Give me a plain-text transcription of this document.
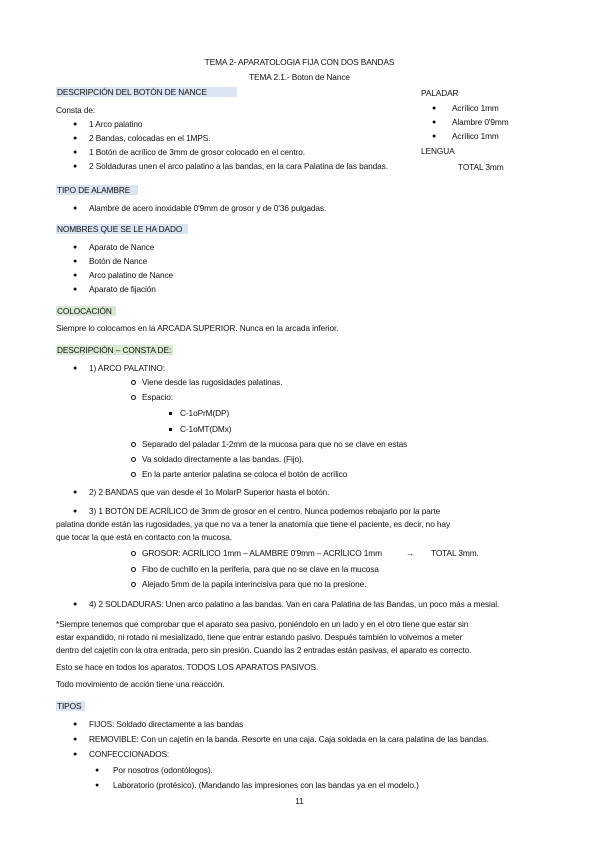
TEMA 2- APARATOLOGIA FIJA CON DOS BANDAS
TEMA 2.1.- Boton de Nance
DESCRIPCIÓN DEL BOTÓN DE NANCE
Consta de:
● 1 Arco palatino
● 2 Bandas, colocadas en el 1MPS.
● 1 Botón de acrílico de 3mm de grosor colocado en el centro.
● 2 Soldaduras unen el arco palatino a las bandas, en la cara Palatina de las bandas.
PALADAR
● Acrílico 1mm
● Alambre 0'9mm
● Acrílico 1mm
LENGUA
TOTAL 3mm
TIPO DE ALAMBRE
● Alambre de acero inoxidable 0'9mm de grosor y de 0'36 pulgadas.
NOMBRES QUE SE LE HA DADO
● Aparato de Nance
● Botón de Nance
● Arco palatino de Nance
● Aparato de fijación
COLOCACIÓN
Siempre lo colocamos en la ARCADA SUPERIOR. Nunca en la arcada inferior.
DESCRIPCIÓN – CONSTA DE:
● 1) ARCO PALATINO:
Viene desde las rugosidades palatinas.
Espacio:
C-1oPrM(DP)
C-1oMT(DMx)
Separado del paladar 1-2mm de la mucosa para que no se clave en estas
Va soldado directamente a las bandas. (Fijo).
En la parte anterior palatina se coloca el botón de acrílico
● 2) 2 BANDAS que van desde el 1o MolarP Superior hasta el botón.
● 3) 1 BOTÓN DE ACRÍLICO de 3mm de grosor en el centro. Nunca podemos rebajarlo por la parte
palatina donde están las rugosidades, ya que no va a tener la anatomía que tiene el paciente, es decir, no hay
que tocar la que está en contacto con la mucosa.
GROSOR: ACRÍLICO 1mm – ALAMBRE 0'9mm – ACRÍLICO 1mm	→ TOTAL 3mm.
Fibo de cuchillo en la periferia, para que no se clave en la mucosa
Alejado 5mm de la papila interincisiva para que no la presione.
● 4) 2 SOLDADURAS: Unen arco palatino a las bandas. Van en cara Palatina de las Bandas, un poco más a mesial.
*Siempre tenemos que comprobar que el aparato sea pasivo, poniéndolo en un lado y en el otro tiene que estar sin
estar expandido, ni rotado ni mesializado, tiene que entrar estando pasivo. Después también lo volvemos a meter
dentro del cajetín con la otra entrada, pero sin presión. Cuando las 2 entradas están pasivas, el aparato es correcto.
Esto se hace en todos los aparatos. TODOS LOS APARATOS PASIVOS.
Todo movimiento de acción tiene una reacción.
TIPOS
● FIJOS: Soldado directamente a las bandas
● REMOVIBLE: Con un cajetín en la banda. Resorte en una caja. Caja soldada en la cara palatina de las bandas.
● CONFECCIONADOS:
● Por nosotros (odontólogos).
● Laboratorio (protésico). (Mandando las impresiones con las bandas ya en el modelo.)
11
